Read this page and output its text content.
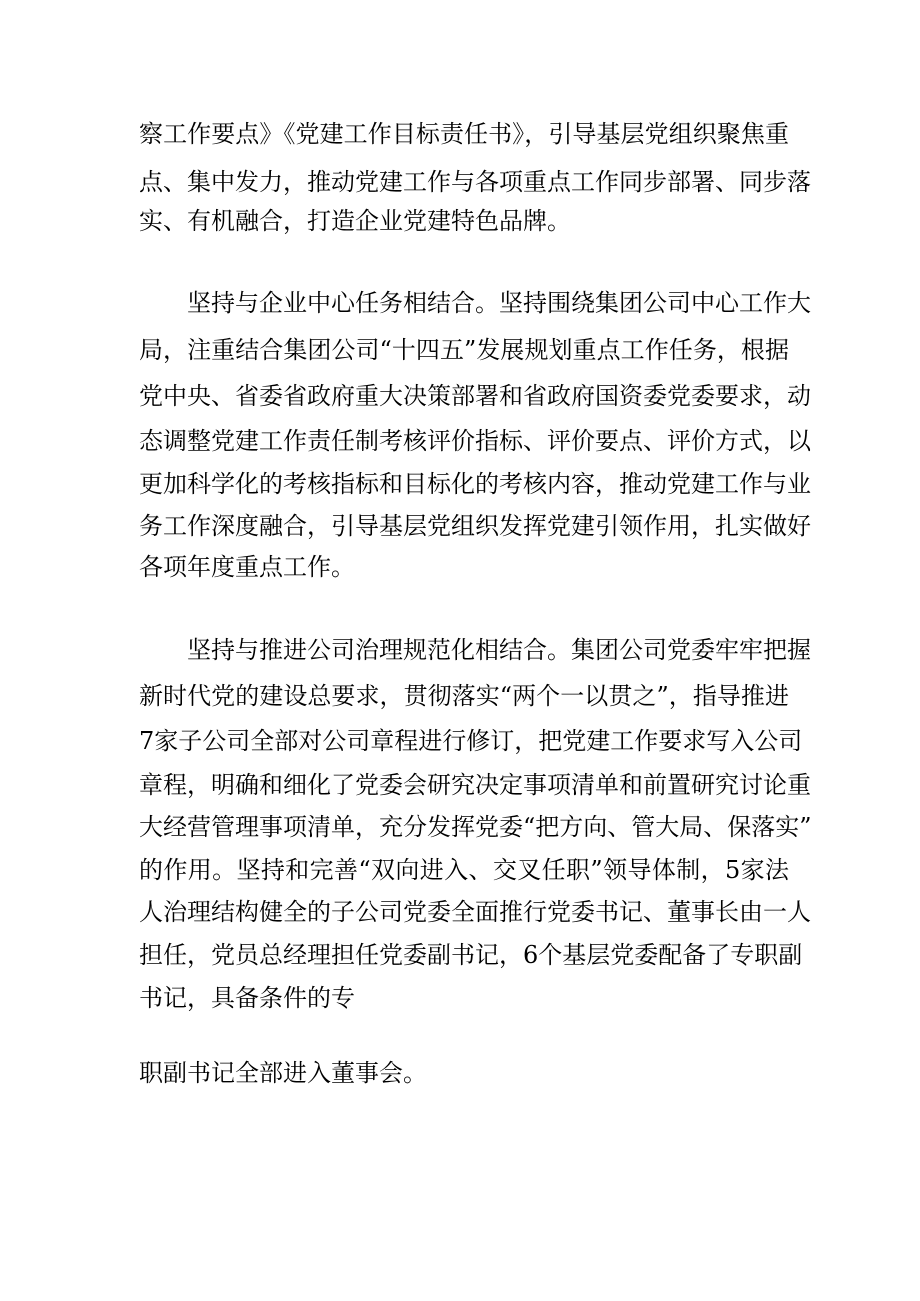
察工作要点》《党建工作目标责任书》，引导基层党组织聚焦重
点、集中发力，推动党建工作与各项重点工作同步部署、同步落
实、有机融合，打造企业党建特色品牌。
坚持与企业中心任务相结合。坚持围绕集团公司中心工作大
局，注重结合集团公司“十四五”发展规划重点工作任务，根据
党中央、省委省政府重大决策部署和省政府国资委党委要求，动
态调整党建工作责任制考核评价指标、评价要点、评价方式，以
更加科学化的考核指标和目标化的考核内容，推动党建工作与业
务工作深度融合，引导基层党组织发挥党建引领作用，扎实做好
各项年度重点工作。
坚持与推进公司治理规范化相结合。集团公司党委牢牢把握
新时代党的建设总要求，贯彻落实“两个一以贯之”，指导推进
7家子公司全部对公司章程进行修订，把党建工作要求写入公司
章程，明确和细化了党委会研究决定事项清单和前置研究讨论重
大经营管理事项清单，充分发挥党委“把方向、管大局、保落实”
的作用。坚持和完善“双向进入、交叉任职”领导体制，5家法
人治理结构健全的子公司党委全面推行党委书记、董事长由一人
担任，党员总经理担任党委副书记，6个基层党委配备了专职副
书记，具备条件的专
职副书记全部进入董事会。
